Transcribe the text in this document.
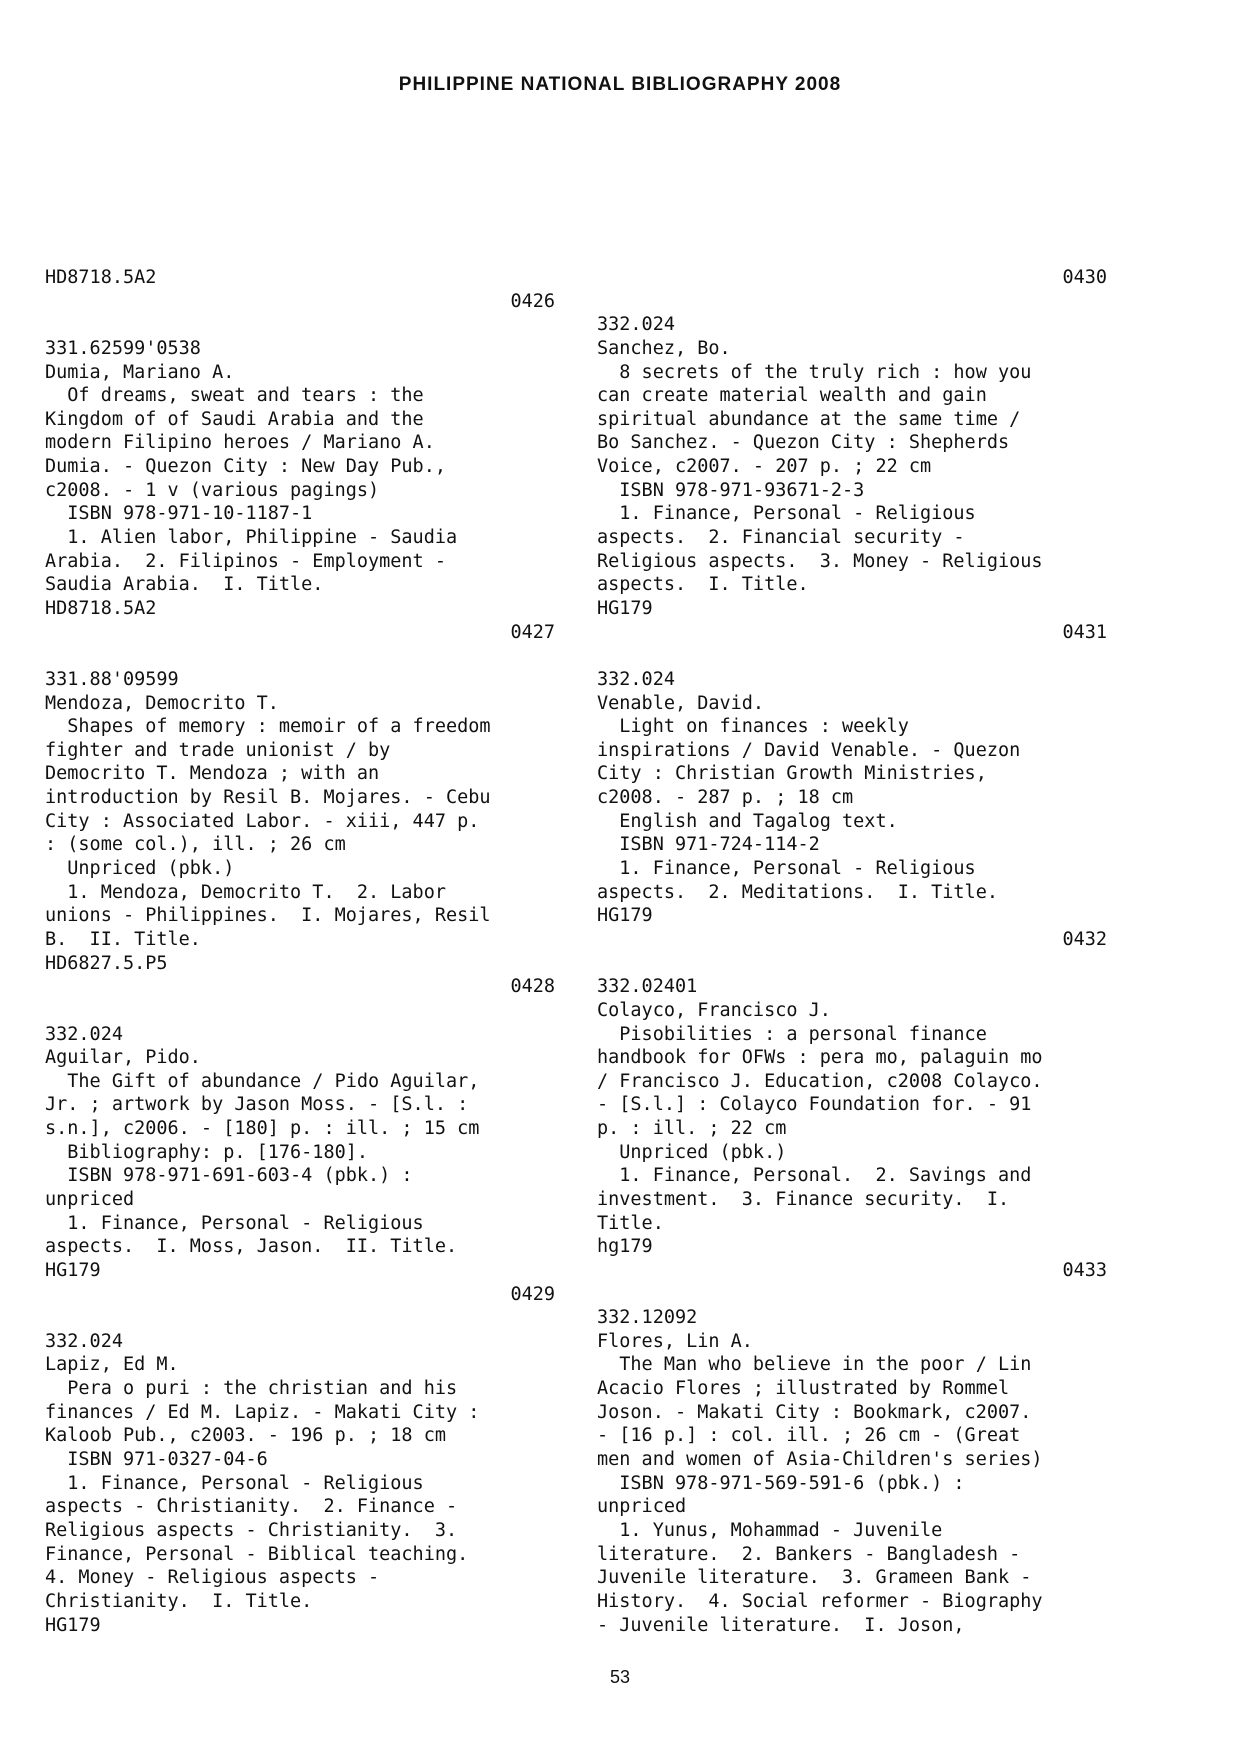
PHILIPPINE NATIONAL BIBLIOGRAPHY 2008
HD8718.5A2
0426
331.62599'0538
Dumia, Mariano A.
Of dreams, sweat and tears : the
Kingdom of of Saudi Arabia and the
modern Filipino heroes / Mariano A.
Dumia. - Quezon City : New Day Pub.,
c2008. - 1 v (various pagings)
ISBN 978-971-10-1187-1
1. Alien labor, Philippine - Saudia
Arabia.  2. Filipinos - Employment -
Saudia Arabia.  I. Title.
HD8718.5A2
0427
331.88'09599
Mendoza, Democrito T.
Shapes of memory : memoir of a freedom
fighter and trade unionist / by
Democrito T. Mendoza ; with an
introduction by Resil B. Mojares. - Cebu
City : Associated Labor. - xiii, 447 p.
: (some col.), ill. ; 26 cm
Unpriced (pbk.)
1. Mendoza, Democrito T.  2. Labor
unions - Philippines.  I. Mojares, Resil
B.  II. Title.
HD6827.5.P5
0428
332.024
Aguilar, Pido.
The Gift of abundance / Pido Aguilar,
Jr. ; artwork by Jason Moss. - [S.l. :
s.n.], c2006. - [180] p. : ill. ; 15 cm
Bibliography: p. [176-180].
ISBN 978-971-691-603-4 (pbk.) :
unpriced
1. Finance, Personal - Religious
aspects.  I. Moss, Jason.  II. Title.
HG179
0429
332.024
Lapiz, Ed M.
Pera o puri : the christian and his
finances / Ed M. Lapiz. - Makati City :
Kaloob Pub., c2003. - 196 p. ; 18 cm
ISBN 971-0327-04-6
1. Finance, Personal - Religious
aspects - Christianity.  2. Finance -
Religious aspects - Christianity.  3.
Finance, Personal - Biblical teaching.
4. Money - Religious aspects -
Christianity.  I. Title.
HG179
0430
332.024
Sanchez, Bo.
8 secrets of the truly rich : how you
can create material wealth and gain
spiritual abundance at the same time /
Bo Sanchez. - Quezon City : Shepherds
Voice, c2007. - 207 p. ; 22 cm
ISBN 978-971-93671-2-3
1. Finance, Personal - Religious
aspects.  2. Financial security -
Religious aspects.  3. Money - Religious
aspects.  I. Title.
HG179
0431
332.024
Venable, David.
Light on finances : weekly
inspirations / David Venable. - Quezon
City : Christian Growth Ministries,
c2008. - 287 p. ; 18 cm
English and Tagalog text.
ISBN 971-724-114-2
1. Finance, Personal - Religious
aspects.  2. Meditations.  I. Title.
HG179
0432
332.02401
Colayco, Francisco J.
Pisobilities : a personal finance
handbook for OFWs : pera mo, palaguin mo
/ Francisco J. Education, c2008 Colayco.
- [S.l.] : Colayco Foundation for. - 91
p. : ill. ; 22 cm
Unpriced (pbk.)
1. Finance, Personal.  2. Savings and
investment.  3. Finance security.  I.
Title.
hg179
0433
332.12092
Flores, Lin A.
The Man who believe in the poor / Lin
Acacio Flores ; illustrated by Rommel
Joson. - Makati City : Bookmark, c2007.
- [16 p.] : col. ill. ; 26 cm - (Great
men and women of Asia-Children's series)
ISBN 978-971-569-591-6 (pbk.) :
unpriced
1. Yunus, Mohammad - Juvenile
literature.  2. Bankers - Bangladesh -
Juvenile literature.  3. Grameen Bank -
History.  4. Social reformer - Biography
- Juvenile literature.  I. Joson,
53
